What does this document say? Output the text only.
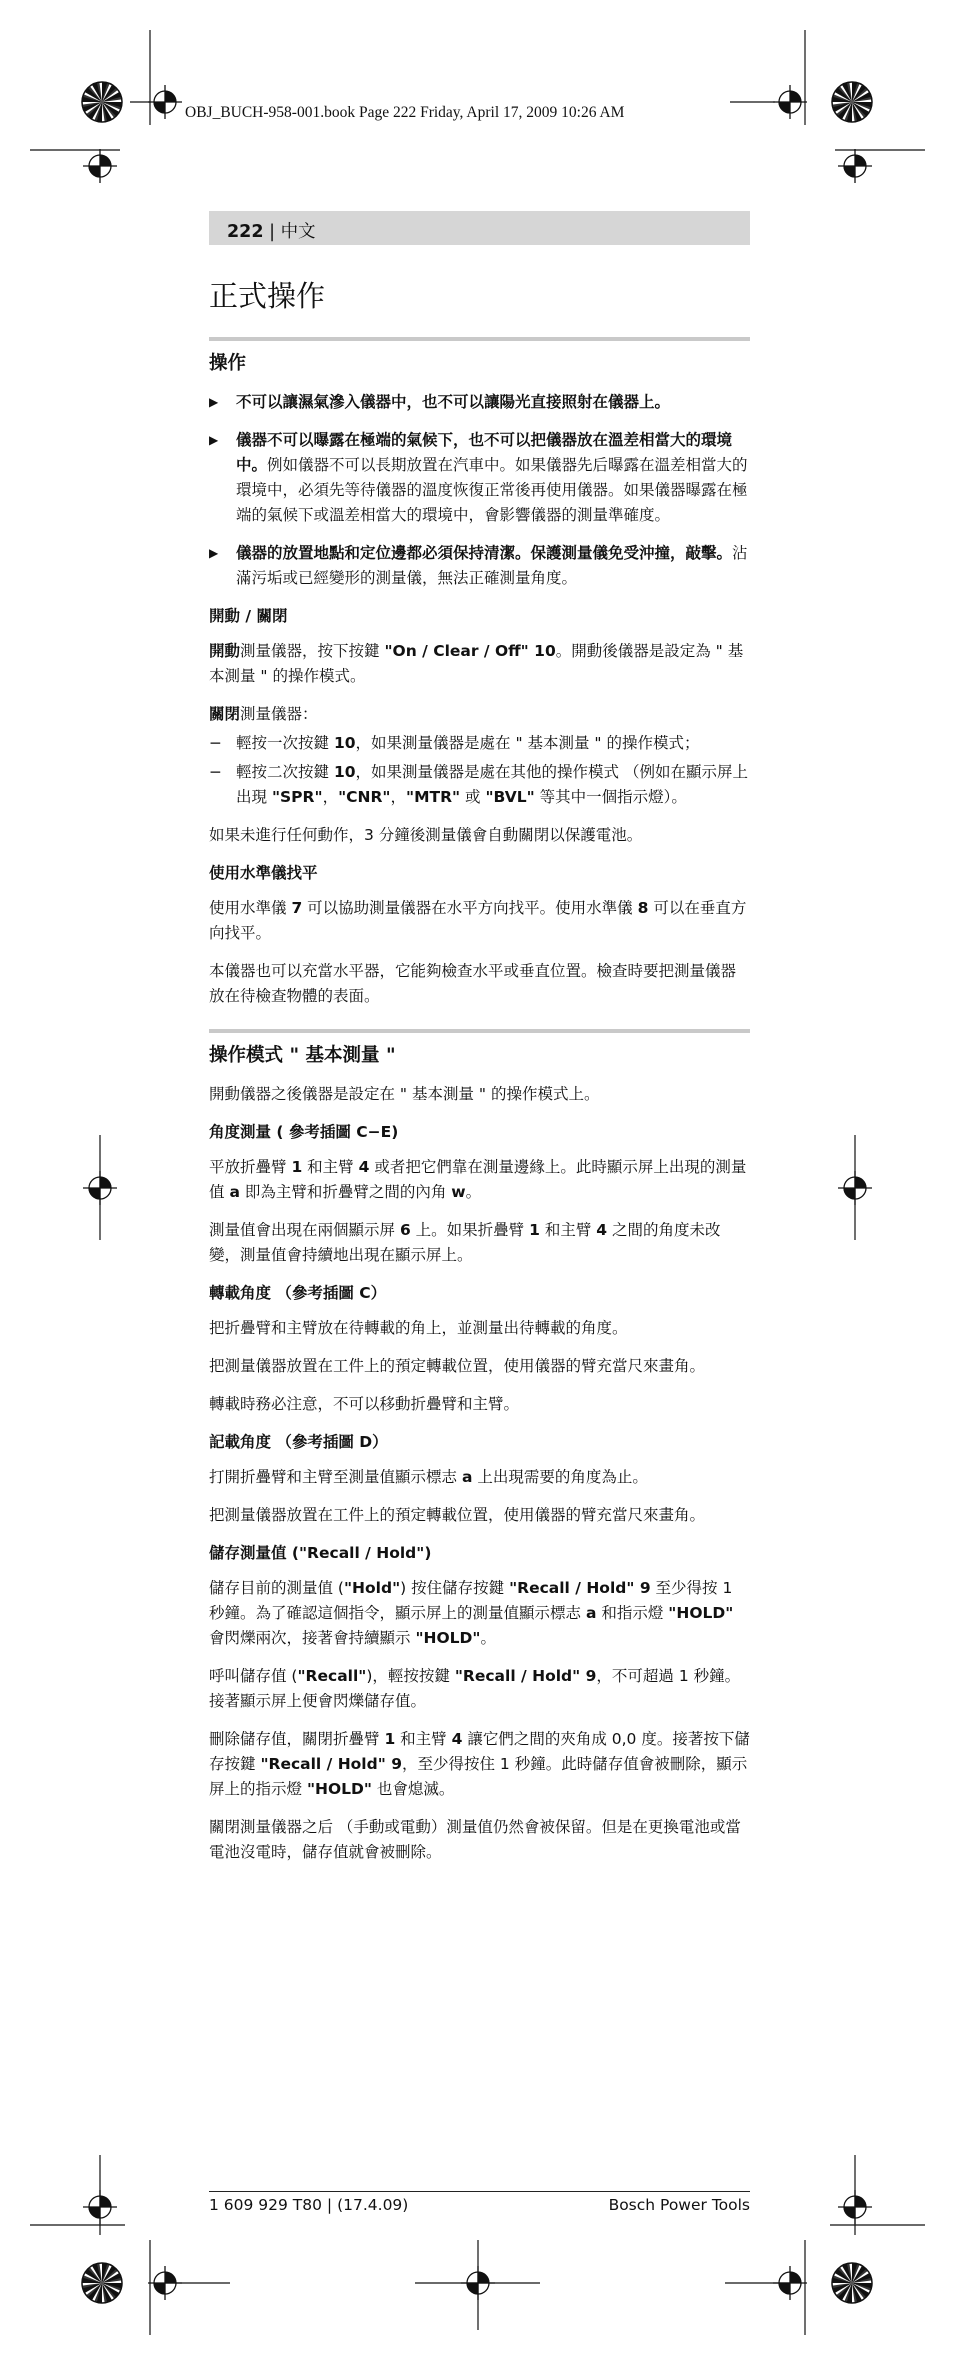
OBJ_BUCH-958-001.book Page 222 Friday, April 17, 2009 10:26 AM
222 | 中文
正式操作
操作
▶ 不可以讓濕氣滲入儀器中，也不可以讓陽光直接照射在儀器上。
▶ 儀器不可以曝露在極端的氣候下，也不可以把儀器放在溫差相當大的環境中。例如儀器不可以長期放置在汽車中。如果儀器先后曝露在溫差相當大的環境中，必須先等待儀器的溫度恢復正常後再使用儀器。如果儀器曝露在極端的氣候下或溫差相當大的環境中，會影響儀器的測量準確度。
▶ 儀器的放置地點和定位邊都必須保持清潔。保護測量儀免受沖撞，敲擊。沾滿污垢或已經變形的測量儀，無法正確測量角度。
開動 / 關閉

開動測量儀器，按下按鍵 "On / Clear / Off" 10。開動後儀器是設定為 " 基本測量 " 的操作模式。

關閉測量儀器：

− 輕按一次按鍵 10，如果測量儀器是處在 " 基本測量 " 的操作模式；
− 輕按二次按鍵 10，如果測量儀器是處在其他的操作模式 （例如在顯示屏上出現 "SPR"，"CNR"，"MTR" 或 "BVL" 等其中一個指示燈）。

如果未進行任何動作，3 分鐘後測量儀會自動關閉以保護電池。

使用水準儀找平

使用水準儀 7 可以協助測量儀器在水平方向找平。使用水準儀 8 可以在垂直方向找平。

本儀器也可以充當水平器，它能夠檢查水平或垂直位置。檢查時要把測量儀器放在待檢查物體的表面。

操作模式 " 基本測量 "

開動儀器之後儀器是設定在 " 基本測量 " 的操作模式上。

角度測量 ( 參考插圖 C−E)

平放折疊臂 1 和主臂 4 或者把它們靠在測量邊緣上。此時顯示屏上出現的測量值 a 即為主臂和折疊臂之間的內角 w。

測量值會出現在兩個顯示屏 6 上。如果折疊臂 1 和主臂 4 之間的角度未改變，測量值會持續地出現在顯示屏上。

轉載角度 （參考插圖 C）

把折疊臂和主臂放在待轉載的角上，並測量出待轉載的角度。

把測量儀器放置在工件上的預定轉載位置，使用儀器的臂充當尺來畫角。

轉載時務必注意，不可以移動折疊臂和主臂。

記載角度 （參考插圖 D）

打開折疊臂和主臂至測量值顯示標志 a 上出現需要的角度為止。

把測量儀器放置在工件上的預定轉載位置，使用儀器的臂充當尺來畫角。

儲存測量值 ("Recall / Hold")

儲存目前的測量值 ("Hold") 按住儲存按鍵 "Recall / Hold" 9 至少得按 1 秒鐘。為了確認這個指令，顯示屏上的測量值顯示標志 a 和指示燈 "HOLD" 會閃爍兩次，接著會持續顯示 "HOLD"。

呼叫儲存值 ("Recall")，輕按按鍵 "Recall / Hold" 9，不可超過 1 秒鐘。接著顯示屏上便會閃爍儲存值。

刪除儲存值，關閉折疊臂 1 和主臂 4 讓它們之間的夾角成 0,0 度。接著按下儲存按鍵 "Recall / Hold" 9，至少得按住 1 秒鐘。此時儲存值會被刪除，顯示屏上的指示燈 "HOLD" 也會熄滅。

關閉測量儀器之后 （手動或電動）測量值仍然會被保留。但是在更換電池或當電池沒電時，儲存值就會被刪除。

1 609 929 T80 | (17.4.09)	Bosch Power Tools
